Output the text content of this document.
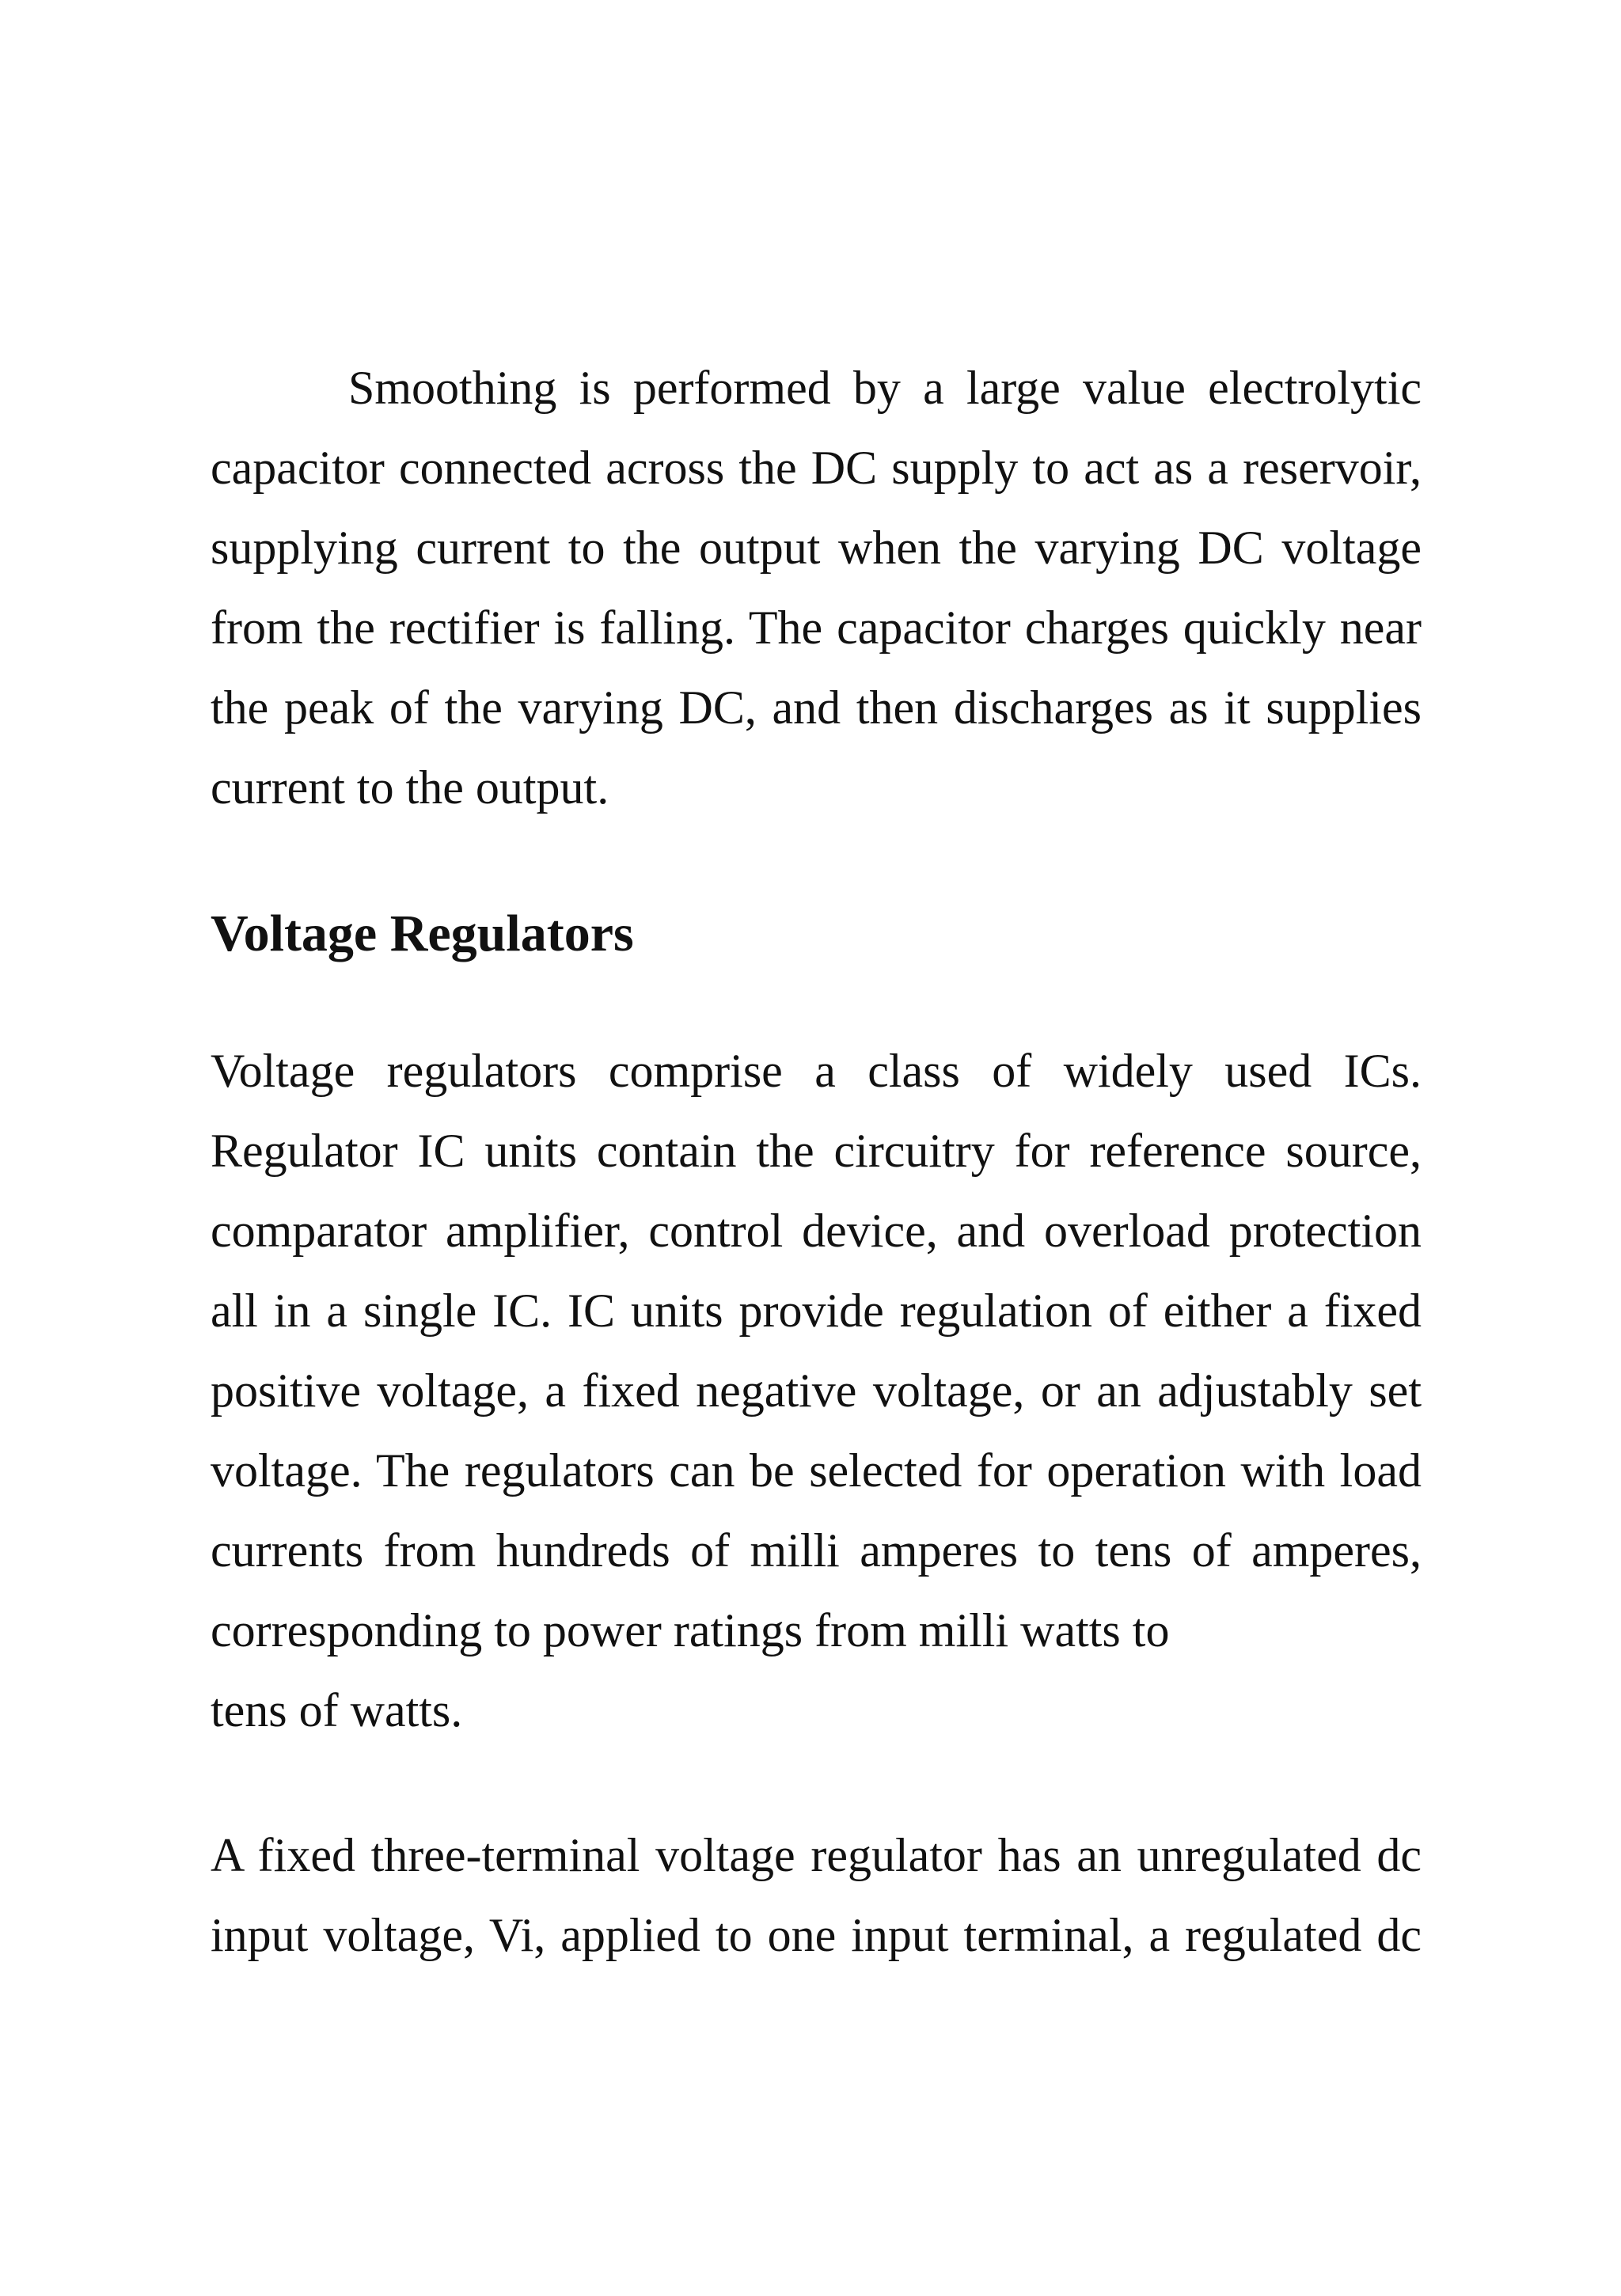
Smoothing is performed by a large value electrolytic capacitor connected across the DC supply to act as a reservoir, supplying current to the output when the varying DC voltage from the rectifier is falling. The capacitor charges quickly near the peak of the varying DC, and then discharges as it supplies current to the output.

Voltage Regulators
Voltage regulators comprise a class of widely used ICs. Regulator IC units contain the circuitry for reference source, comparator amplifier, control device, and overload protection all in a single IC. IC units provide regulation of either a fixed positive voltage, a fixed negative voltage, or an adjustably set voltage. The regulators can be selected for operation with load currents from hundreds of milli amperes to tens of amperes, corresponding to power ratings from milli watts to
tens of watts.

A fixed three-terminal voltage regulator has an unregulated dc input voltage, Vi, applied to one input terminal, a regulated dc
